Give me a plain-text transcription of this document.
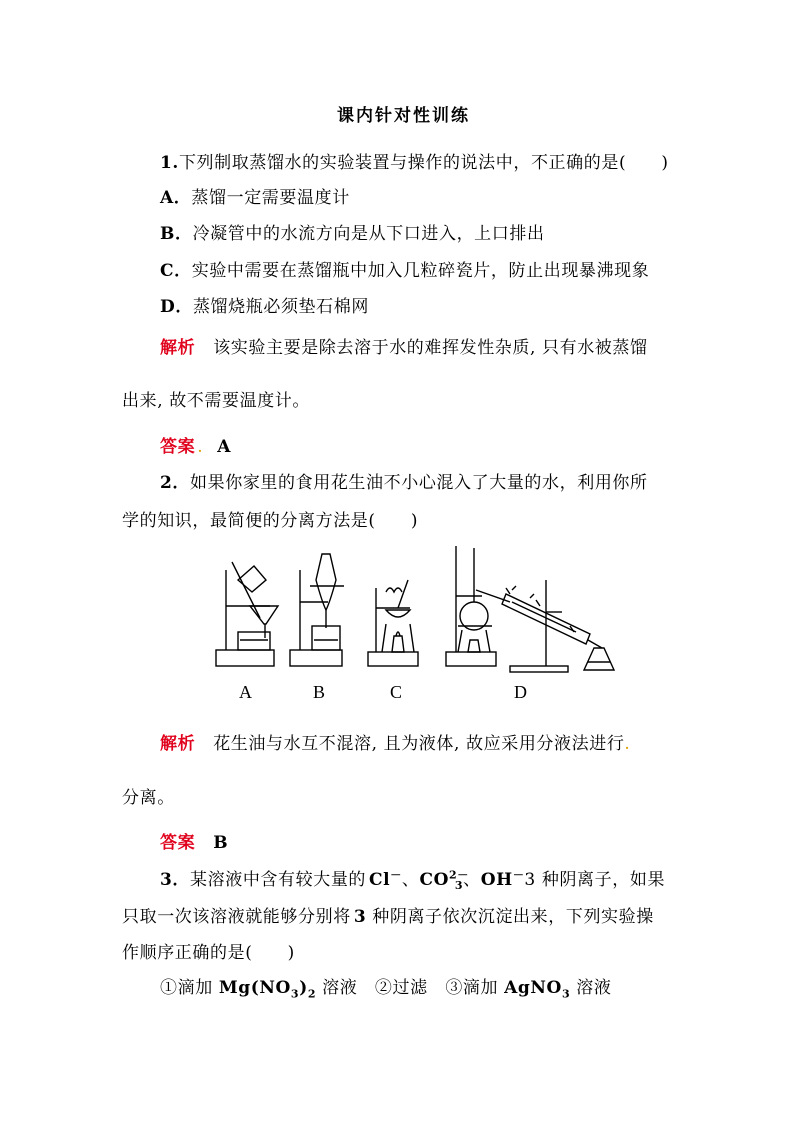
课内针对性训练
1.下列制取蒸馏水的实验装置与操作的说法中，不正确的是(　　)
A．蒸馏一定需要温度计
B．冷凝管中的水流方向是从下口进入，上口排出
C．实验中需要在蒸馏瓶中加入几粒碎瓷片，防止出现暴沸现象
D．蒸馏烧瓶必须垫石棉网
解析 该实验主要是除去溶于水的难挥发性杂质, 只有水被蒸馏
出来, 故不需要温度计。
答案 . A
2．如果你家里的食用花生油不小心混入了大量的水，利用你所
学的知识，最简便的分离方法是(　　)
A	B	C	D
解析 花生油与水互不混溶, 且为液体, 故应采用分液法进行.
分离。
答案 B
3．某溶液中含有较大量的 Cl－、$CO^{2-}_3$、OH－3 种阴离子，如果
只取一次该溶液就能够分别将 3 种阴离子依次沉淀出来，下列实验操
作顺序正确的是(　　)
①滴加 $Mg(NO_3)_2$ 溶液　②过滤　③滴加 AgNO$_3$ 溶液
